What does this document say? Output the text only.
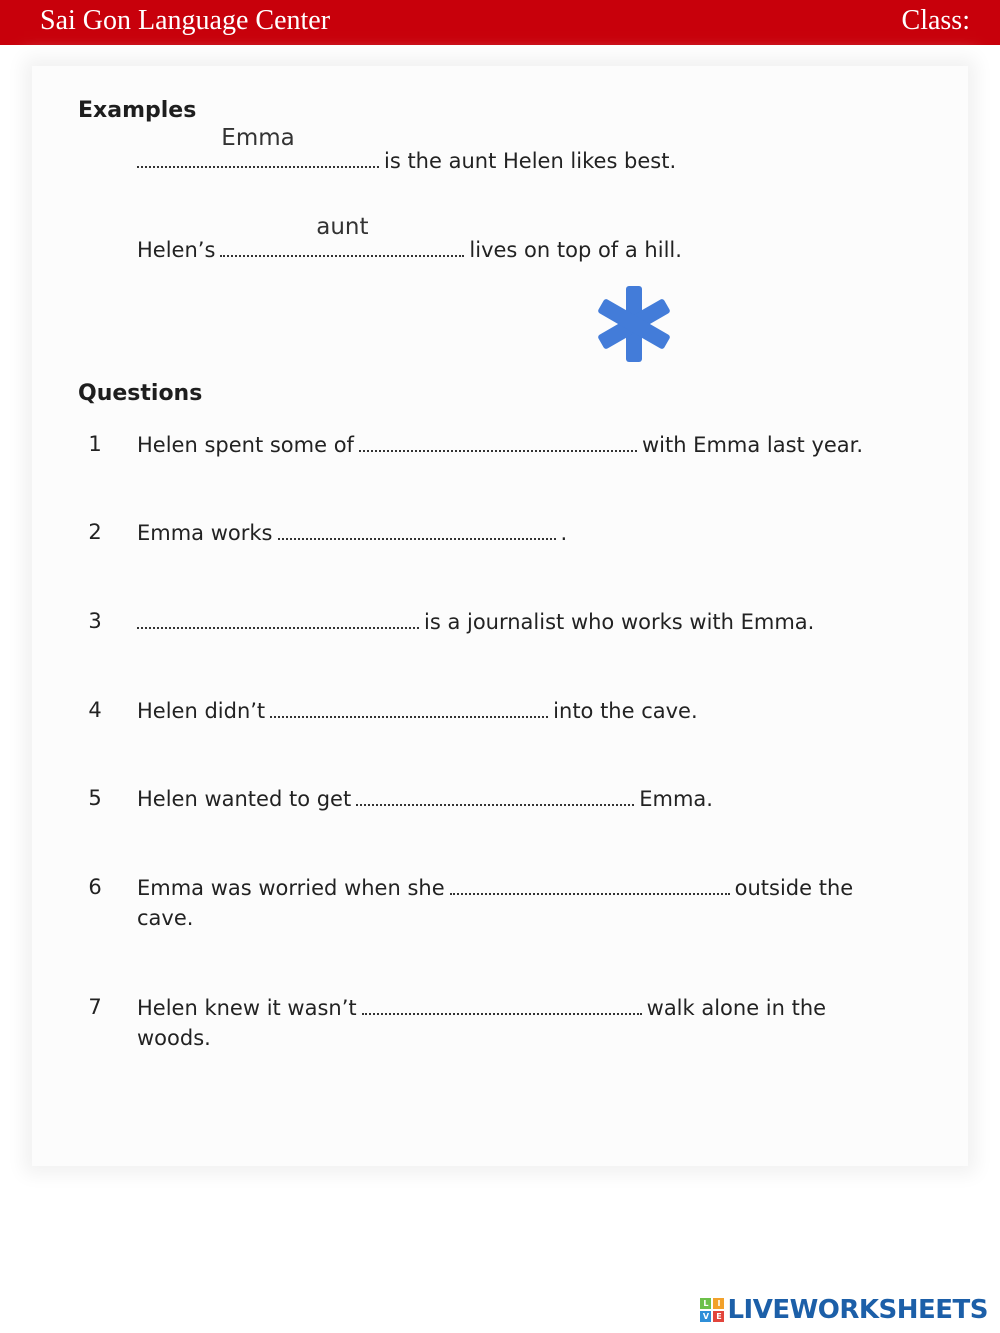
Sai Gon Language Center	Class:
Examples
Emma
is the aunt Helen likes best.
Helen’s
aunt
lives on top of a hill.
Questions
1 Helen spent some of	with Emma last year.
2 Emma works	.
3	is a journalist who works with Emma.
4 Helen didn’t	into the cave.
5 Helen wanted to get	Emma.
6 Emma was worried when she	outside the
cave.
7 Helen knew it wasn’t	walk alone in the
woods.
L	I
V E LIVEWORKSHEETS
